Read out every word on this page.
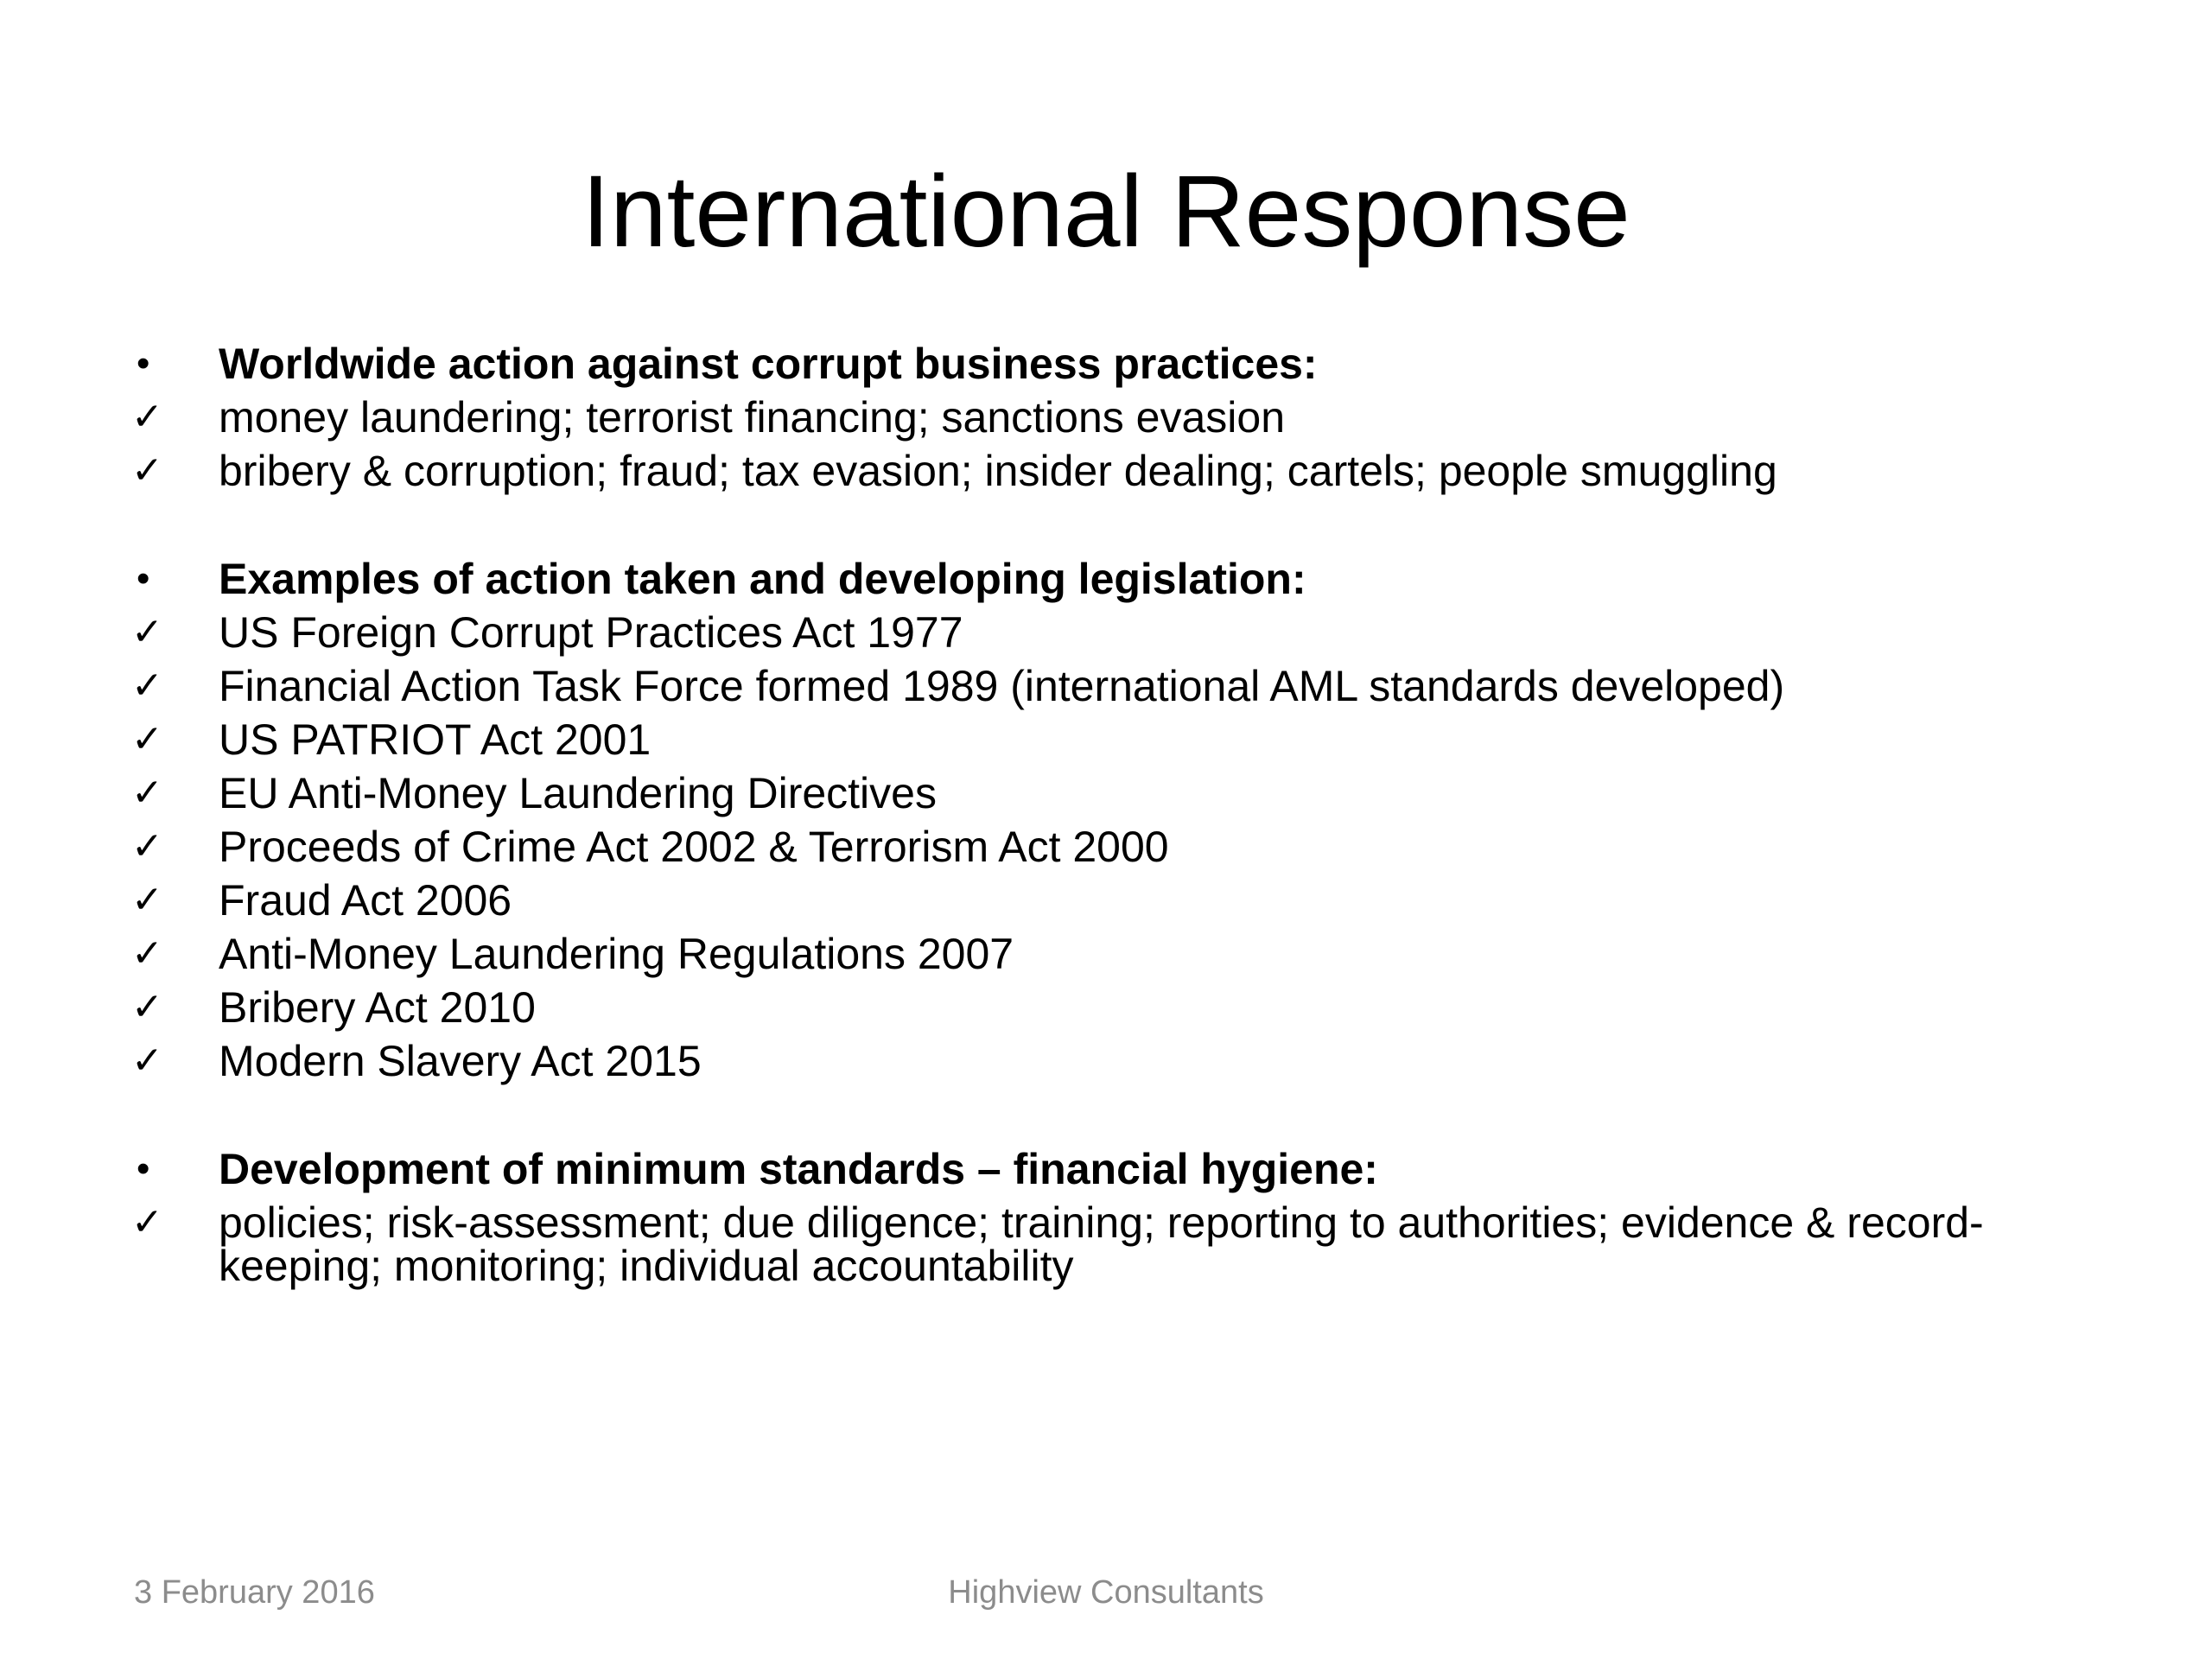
International Response
•	Worldwide action against corrupt business practices:
✓	money laundering; terrorist financing; sanctions evasion
✓	bribery & corruption; fraud; tax evasion; insider dealing; cartels; people smuggling
•	Examples of action taken and developing legislation:
✓	US Foreign Corrupt Practices Act 1977
✓	Financial Action Task Force formed 1989 (international AML standards developed)
✓	US PATRIOT Act 2001
✓	EU Anti-Money Laundering Directives
✓	Proceeds of Crime Act 2002 & Terrorism Act 2000
✓	Fraud Act 2006
✓	Anti-Money Laundering Regulations 2007
✓	Bribery Act 2010
✓	Modern Slavery Act 2015
•	Development of minimum standards – financial hygiene:
✓	policies; risk-assessment; due diligence; training; reporting to authorities; evidence & record-keeping; monitoring; individual accountability
3 February 2016	Highview Consultants
